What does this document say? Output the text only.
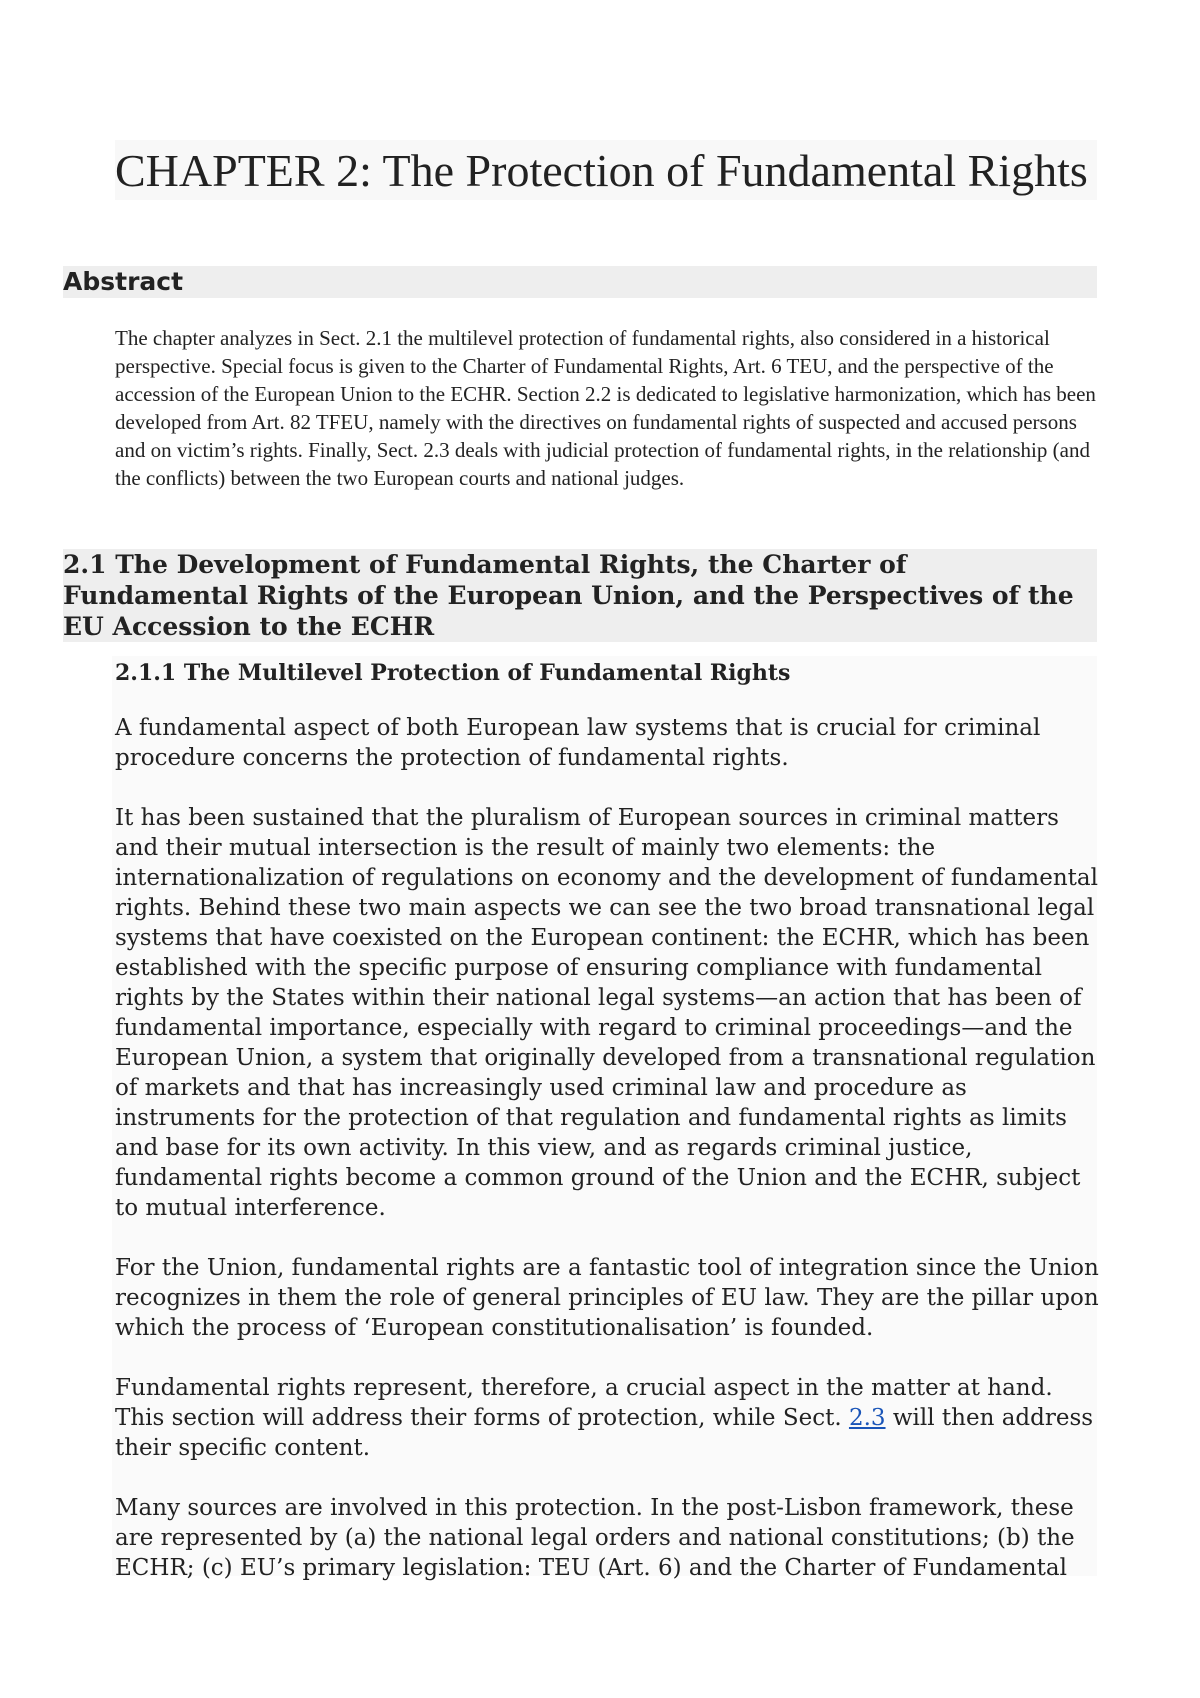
CHAPTER 2: The Protection of Fundamental Rights
Abstract

The chapter analyzes in Sect. 2.1 the multilevel protection of fundamental rights, also considered in a historical perspective. Special focus is given to the Charter of Fundamental Rights, Art. 6 TEU, and the perspective of the accession of the European Union to the ECHR. Section 2.2 is dedicated to legislative harmonization, which has been developed from Art. 82 TFEU, namely with the directives on fundamental rights of suspected and accused persons and on victim’s rights. Finally, Sect. 2.3 deals with judicial protection of fundamental rights, in the relationship (and the conflicts) between the two European courts and national judges.

2.1 The Development of Fundamental Rights, the Charter of Fundamental Rights of the European Union, and the Perspectives of the EU Accession to the ECHR
2.1.1 The Multilevel Protection of Fundamental Rights

A fundamental aspect of both European law systems that is crucial for criminal procedure concerns the protection of fundamental rights.

It has been sustained that the pluralism of European sources in criminal matters and their mutual intersection is the result of mainly two elements: the internationalization of regulations on economy and the development of fundamental rights. Behind these two main aspects we can see the two broad transnational legal systems that have coexisted on the European continent: the ECHR, which has been established with the specific purpose of ensuring compliance with fundamental rights by the States within their national legal systems—an action that has been of fundamental importance, especially with regard to criminal proceedings—and the European Union, a system that originally developed from a transnational regulation of markets and that has increasingly used criminal law and procedure as instruments for the protection of that regulation and fundamental rights as limits and base for its own activity. In this view, and as regards criminal justice, fundamental rights become a common ground of the Union and the ECHR, subject to mutual interference.

For the Union, fundamental rights are a fantastic tool of integration since the Union recognizes in them the role of general principles of EU law. They are the pillar upon which the process of ‘European constitutionalisation’ is founded.

Fundamental rights represent, therefore, a crucial aspect in the matter at hand. This section will address their forms of protection, while Sect. 2.3 will then address their specific content.

Many sources are involved in this protection. In the post-Lisbon framework, these are represented by (a) the national legal orders and national constitutions; (b) the ECHR; (c) EU’s primary legislation: TEU (Art. 6) and the Charter of Fundamental
